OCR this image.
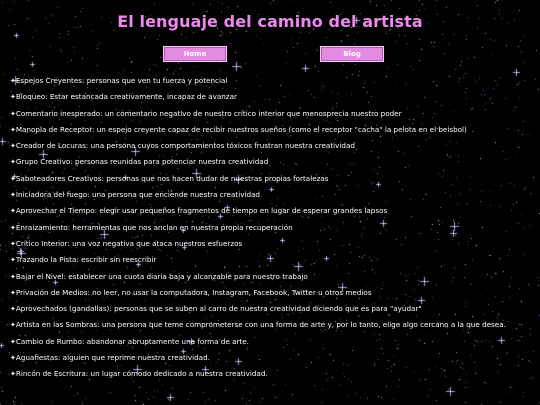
El lenguaje del camino del artista
Home	Blog
✦Espejos Creyentes: personas que ven tu fuerza y potencial
✦Bloqueo: Estar estancada creativamente, incapaz de avanzar
✦Comentario inesperado: un comentario negativo de nuestro crítico interior que menosprecia nuestro poder
✦Manopla de Receptor: un espejo creyente capaz de recibir nuestros sueños (como el receptor "cacha" la pelota en el beisbol)
✦Creador de Locuras: una persona cuyos comportamientos tóxicos frustran nuestra creatividad
✦Grupo Creativo: personas reunidas para potenciar nuestra creatividad
✦Saboteadores Creativos: personas que nos hacen dudar de nuestras propias fortalezas
✦Iniciadora del fuego: una persona que enciende nuestra creatividad
✦Aprovechar el Tiempo: elegir usar pequeños fragmentos de tiempo en lugar de esperar grandes lapsos
✦Enraizamiento: herramientas que nos anclan en nuestra propia recuperación
✦Crítico Interior: una voz negativa que ataca nuestros esfuerzos
✦Trazando la Pista: escribir sin reescribir
✦Bajar el Nivel: establecer una cuota diaria baja y alcanzable para nuestro trabajo
✦Privación de Medios: no leer, no usar la computadora, Instagram, Facebook, Twitter u otros medios
✦Aprovechados (gandallas): personas que se suben al carro de nuestra creatividad diciendo que es para "ayudar"
✦Artista en las Sombras: una persona que teme comprometerse con una forma de arte y, por lo tanto, elige algo cercano a la que desea.
✦Cambio de Rumbo: abandonar abruptamente una forma de arte.
✦Aguafiestas: alguien que reprime nuestra creatividad.
✦Rincón de Escritura: un lugar cómodo dedicado a nuestra creatividad.
